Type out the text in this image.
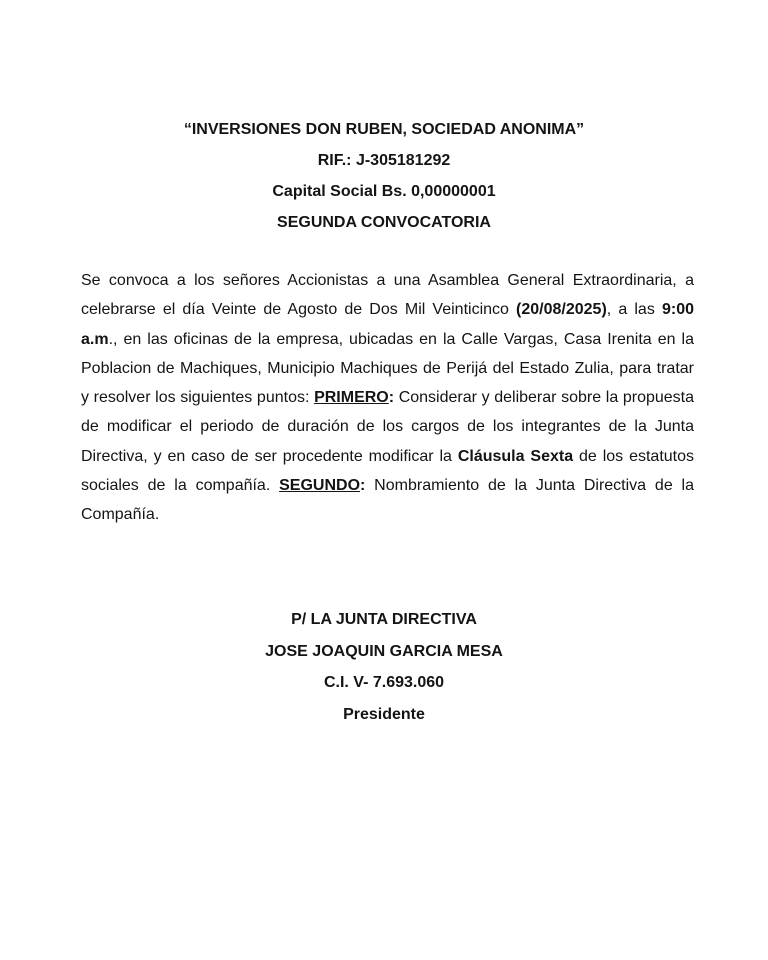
“INVERSIONES DON RUBEN, SOCIEDAD ANONIMA”
RIF.: J-305181292
Capital Social Bs. 0,00000001
SEGUNDA CONVOCATORIA
Se convoca a los señores Accionistas a una Asamblea General Extraordinaria, a celebrarse el día Veinte de Agosto de Dos Mil Veinticinco (20/08/2025), a las 9:00 a.m., en las oficinas de la empresa, ubicadas en la Calle Vargas, Casa Irenita en la Poblacion de Machiques, Municipio Machiques de Perijá del Estado Zulia, para tratar y resolver los siguientes puntos: PRIMERO: Considerar y deliberar sobre la propuesta de modificar el periodo de duración de los cargos de los integrantes de la Junta Directiva, y en caso de ser procedente modificar la Cláusula Sexta de los estatutos sociales de la compañía. SEGUNDO: Nombramiento de la Junta Directiva de la Compañía.
P/ LA JUNTA DIRECTIVA
JOSE JOAQUIN GARCIA MESA
C.I. V- 7.693.060
Presidente
